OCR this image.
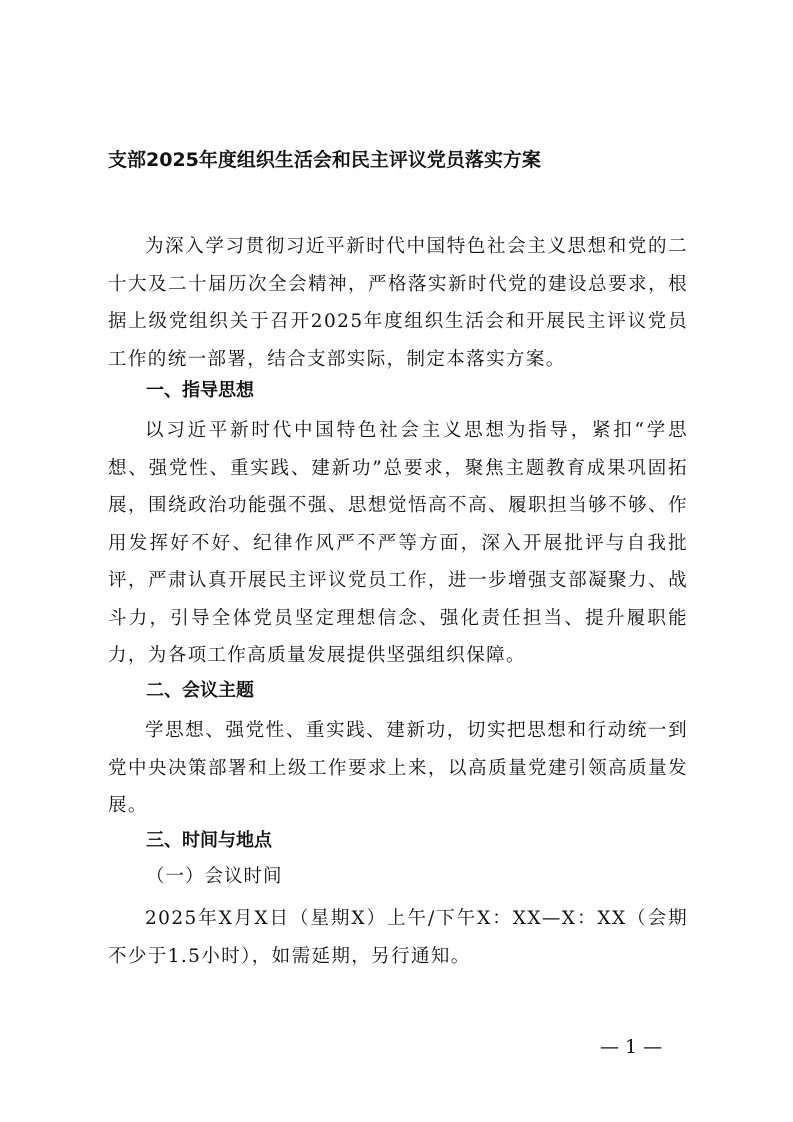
支部2025年度组织生活会和民主评议党员落实方案
为深入学习贯彻习近平新时代中国特色社会主义思想和党的二十大及二十届历次全会精神，严格落实新时代党的建设总要求，根据上级党组织关于召开2025年度组织生活会和开展民主评议党员工作的统一部署，结合支部实际，制定本落实方案。
一、指导思想
以习近平新时代中国特色社会主义思想为指导，紧扣“学思想、强党性、重实践、建新功”总要求，聚焦主题教育成果巩固拓展，围绕政治功能强不强、思想觉悟高不高、履职担当够不够、作用发挥好不好、纪律作风严不严等方面，深入开展批评与自我批评，严肃认真开展民主评议党员工作，进一步增强支部凝聚力、战斗力，引导全体党员坚定理想信念、强化责任担当、提升履职能力，为各项工作高质量发展提供坚强组织保障。
二、会议主题
学思想、强党性、重实践、建新功，切实把思想和行动统一到党中央决策部署和上级工作要求上来，以高质量党建引领高质量发展。
三、时间与地点
（一）会议时间
2025年X月X日（星期X）上午/下午X：XX—X：XX（会期不少于1.5小时），如需延期，另行通知。
— 1 —
